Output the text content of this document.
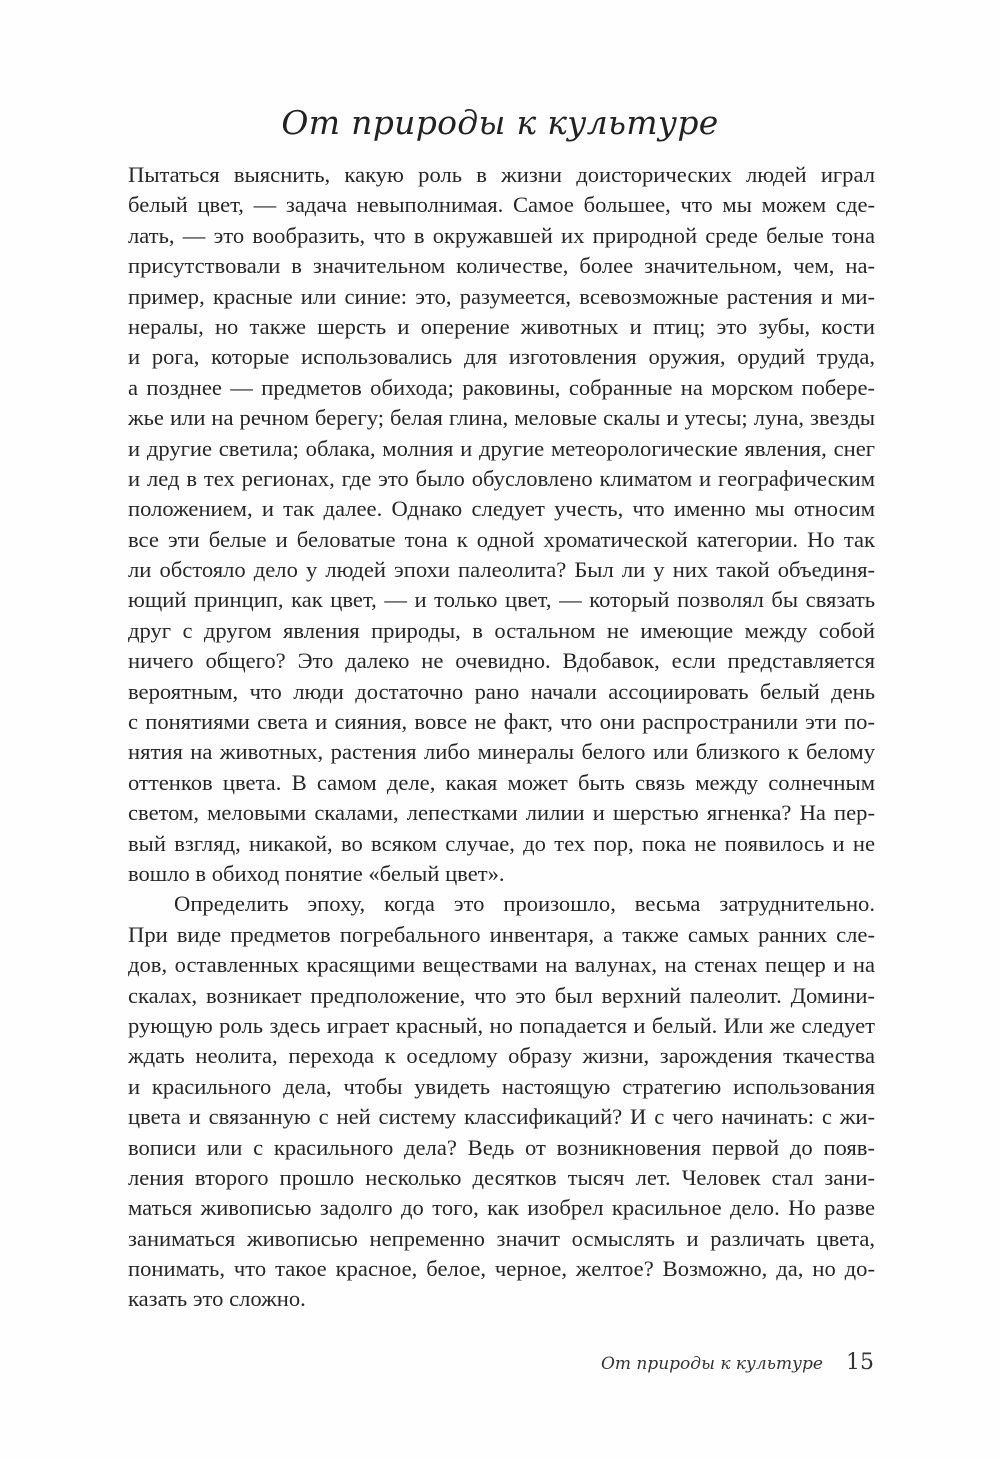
От природы к культуре
Пытаться выяснить, какую роль в жизни доисторических людей играл
белый цвет, — задача невыполнимая. Самое большее, что мы можем сде-
лать, — это вообразить, что в окружавшей их природной среде белые тона
присутствовали в значительном количестве, более значительном, чем, на-
пример, красные или синие: это, разумеется, всевозможные растения и ми-
нералы, но также шерсть и оперение животных и птиц; это зубы, кости
и рога, которые использовались для изготовления оружия, орудий труда,
а позднее — предметов обихода; раковины, собранные на морском побере-
жье или на речном берегу; белая глина, меловые скалы и утесы; луна, звезды
и другие светила; облака, молния и другие метеорологические явления, снег
и лед в тех регионах, где это было обусловлено климатом и географическим
положением, и так далее. Однако следует учесть, что именно мы относим
все эти белые и беловатые тона к одной хроматической категории. Но так
ли обстояло дело у людей эпохи палеолита? Был ли у них такой объединя-
ющий принцип, как цвет, — и только цвет, — который позволял бы связать
друг с другом явления природы, в остальном не имеющие между собой
ничего общего? Это далеко не очевидно. Вдобавок, если представляется
вероятным, что люди достаточно рано начали ассоциировать белый день
с понятиями света и сияния, вовсе не факт, что они распространили эти по-
нятия на животных, растения либо минералы белого или близкого к белому
оттенков цвета. В самом деле, какая может быть связь между солнечным
светом, меловыми скалами, лепестками лилии и шерстью ягненка? На пер-
вый взгляд, никакой, во всяком случае, до тех пор, пока не появилось и не
вошло в обиход понятие «белый цвет».
Определить эпоху, когда это произошло, весьма затруднительно.
При виде предметов погребального инвентаря, а также самых ранних сле-
дов, оставленных красящими веществами на валунах, на стенах пещер и на
скалах, возникает предположение, что это был верхний палеолит. Домини-
рующую роль здесь играет красный, но попадается и белый. Или же следует
ждать неолита, перехода к оседлому образу жизни, зарождения ткачества
и красильного дела, чтобы увидеть настоящую стратегию использования
цвета и связанную с ней систему классификаций? И с чего начинать: с жи-
вописи или с красильного дела? Ведь от возникновения первой до появ-
ления второго прошло несколько десятков тысяч лет. Человек стал зани-
маться живописью задолго до того, как изобрел красильное дело. Но разве
заниматься живописью непременно значит осмыслять и различать цвета,
понимать, что такое красное, белое, черное, желтое? Возможно, да, но до-
казать это сложно.
От природы к культуре 15
